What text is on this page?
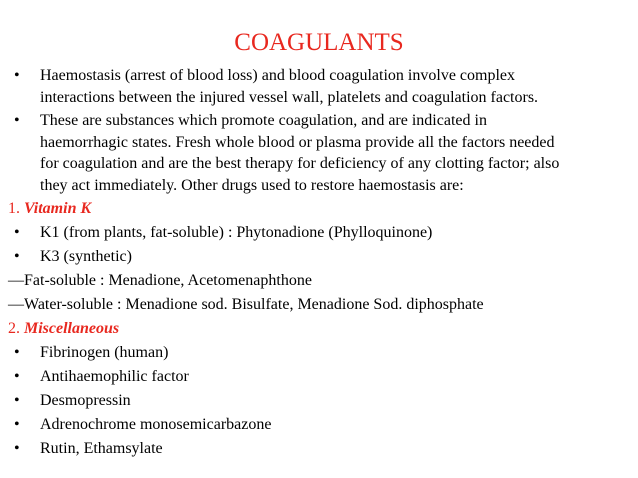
COAGULANTS
•	Haemostasis (arrest of blood loss) and blood coagulation involve complex
interactions between the injured vessel wall, platelets and coagulation factors.
•	These are substances which promote coagulation, and are indicated in
haemorrhagic states. Fresh whole blood or plasma provide all the factors needed
for coagulation and are the best therapy for deficiency of any clotting factor; also
they act immediately. Other drugs used to restore haemostasis are:
1. Vitamin K
•	K1 (from plants, fat-soluble) : Phytonadione (Phylloquinone)
•	K3 (synthetic)
—Fat-soluble : Menadione, Acetomenaphthone
—Water-soluble : Menadione sod. Bisulfate, Menadione Sod. diphosphate
2. Miscellaneous
•	Fibrinogen (human)
•	Antihaemophilic factor
•	Desmopressin
•	Adrenochrome monosemicarbazone
•	Rutin, Ethamsylate
